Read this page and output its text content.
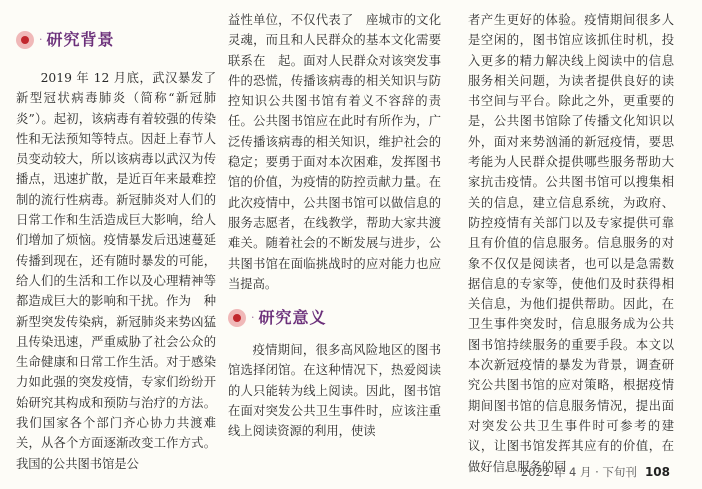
· 研究背景

2019 年 12 月底，武汉暴发了新型冠状病毒肺炎（简称“新冠肺炎”）。起初，该病毒有着较强的传染性和无法预知等特点。因赶上春节人员变动较大，所以该病毒以武汉为传播点，迅速扩散，是近百年来最难控制的流行性病毒。新冠肺炎对人们的日常工作和生活造成巨大影响，给人们增加了烦恼。疫情暴发后迅速蔓延传播到现在，还有随时暴发的可能，给人们的生活和工作以及心理精神等都造成巨大的影响和干扰。作为　种新型突发传染病，新冠肺炎来势凶猛且传染迅速，严重威胁了社会公众的生命健康和日常工作生活。对于感染力如此强的突发疫情，专家们纷纷开始研究其构成和预防与治疗的方法。我们国家各个部门齐心协力共渡难关，从各个方面逐渐改变工作方式。我国的公共图书馆是公

益性单位，不仅代表了　座城市的文化灵魂，而且和人民群众的基本文化需要联系在　起。面对人民群众对该突发事件的恐慌，传播该病毒的相关知识与防控知识公共图书馆有着义不容辞的责任。公共图书馆应在此时有所作为，广泛传播该病毒的相关知识，维护社会的稳定；要勇于面对本次困难，发挥图书馆的价值，为疫情的防控贡献力量。在此次疫情中，公共图书馆可以做信息的服务志愿者，在线教学，帮助大家共渡难关。随着社会的不断发展与进步，公共图书馆在面临挑战时的应对能力也应当提高。

· 研究意义

疫情期间，很多高风险地区的图书馆选择闭馆。在这种情况下，热爱阅读的人只能转为线上阅读。因此，图书馆在面对突发公共卫生事件时，应该注重线上阅读资源的利用，使读

者产生更好的体验。疫情期间很多人是空闲的，图书馆应该抓住时机，投入更多的精力解决线上阅读中的信息服务相关问题，为读者提供良好的读书空间与平台。除此之外，更重要的是，公共图书馆除了传播文化知识以外，面对来势汹涌的新冠疫情，要思考能为人民群众提供哪些服务帮助大家抗击疫情。公共图书馆可以搜集相关的信息，建立信息系统，为政府、防控疫情有关部门以及专家提供可靠且有价值的信息服务。信息服务的对象不仅仅是阅读者，也可以是急需数据信息的专家等，使他们及时获得相关信息，为他们提供帮助。因此，在卫生事件突发时，信息服务成为公共图书馆持续服务的重要手段。本文以本次新冠疫情的暴发为背景，调查研究公共图书馆的应对策略，根据疫情期间图书馆的信息服务情况，提出面对突发公共卫生事件时可参考的建议，让图书馆发挥其应有的价值，在做好信息服务的同

2022 年 4 月 · 下旬刊 108
